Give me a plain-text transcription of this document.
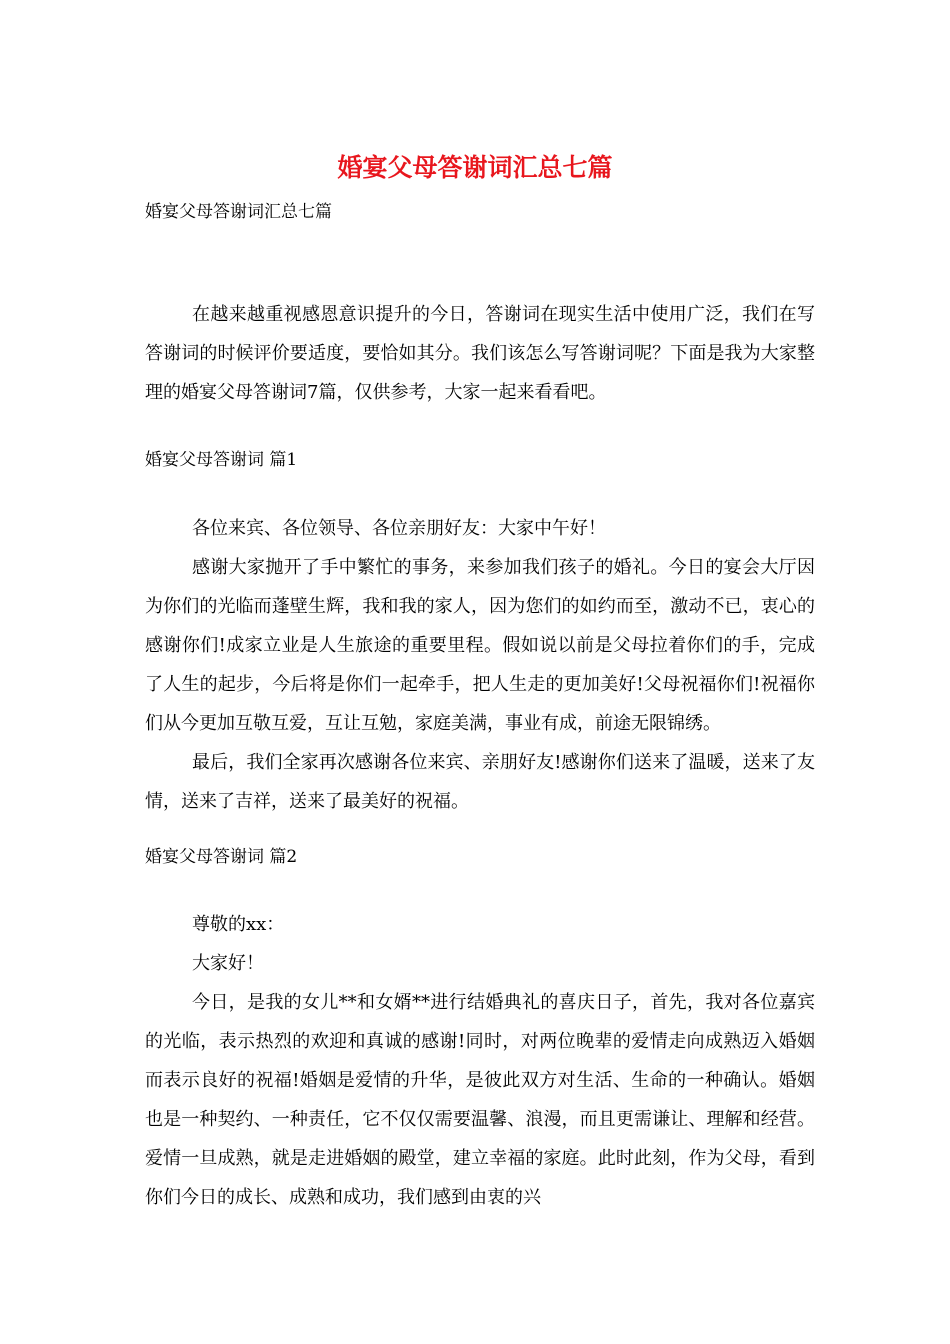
婚宴父母答谢词汇总七篇
婚宴父母答谢词汇总七篇

在越来越重视感恩意识提升的今日，答谢词在现实生活中使用广泛，我们在写答谢词的时候评价要适度，要恰如其分。我们该怎么写答谢词呢？下面是我为大家整理的婚宴父母答谢词7篇，仅供参考，大家一起来看看吧。

婚宴父母答谢词 篇1

各位来宾、各位领导、各位亲朋好友：大家中午好！

感谢大家抛开了手中繁忙的事务，来参加我们孩子的婚礼。今日的宴会大厅因为你们的光临而蓬壁生辉，我和我的家人，因为您们的如约而至，激动不已，衷心的感谢你们!成家立业是人生旅途的重要里程。假如说以前是父母拉着你们的手，完成了人生的起步，今后将是你们一起牵手，把人生走的更加美好!父母祝福你们!祝福你们从今更加互敬互爱，互让互勉，家庭美满，事业有成，前途无限锦绣。

最后，我们全家再次感谢各位来宾、亲朋好友!感谢你们送来了温暖，送来了友情，送来了吉祥，送来了最美好的祝福。

婚宴父母答谢词 篇2

尊敬的xx：

大家好！

今日，是我的女儿**和女婿**进行结婚典礼的喜庆日子，首先，我对各位嘉宾的光临，表示热烈的欢迎和真诚的感谢!同时，对两位晚辈的爱情走向成熟迈入婚姻而表示良好的祝福!婚姻是爱情的升华，是彼此双方对生活、生命的一种确认。婚姻也是一种契约、一种责任，它不仅仅需要温馨、浪漫，而且更需谦让、理解和经营。爱情一旦成熟，就是走进婚姻的殿堂，建立幸福的家庭。此时此刻，作为父母，看到你们今日的成长、成熟和成功，我们感到由衷的兴
